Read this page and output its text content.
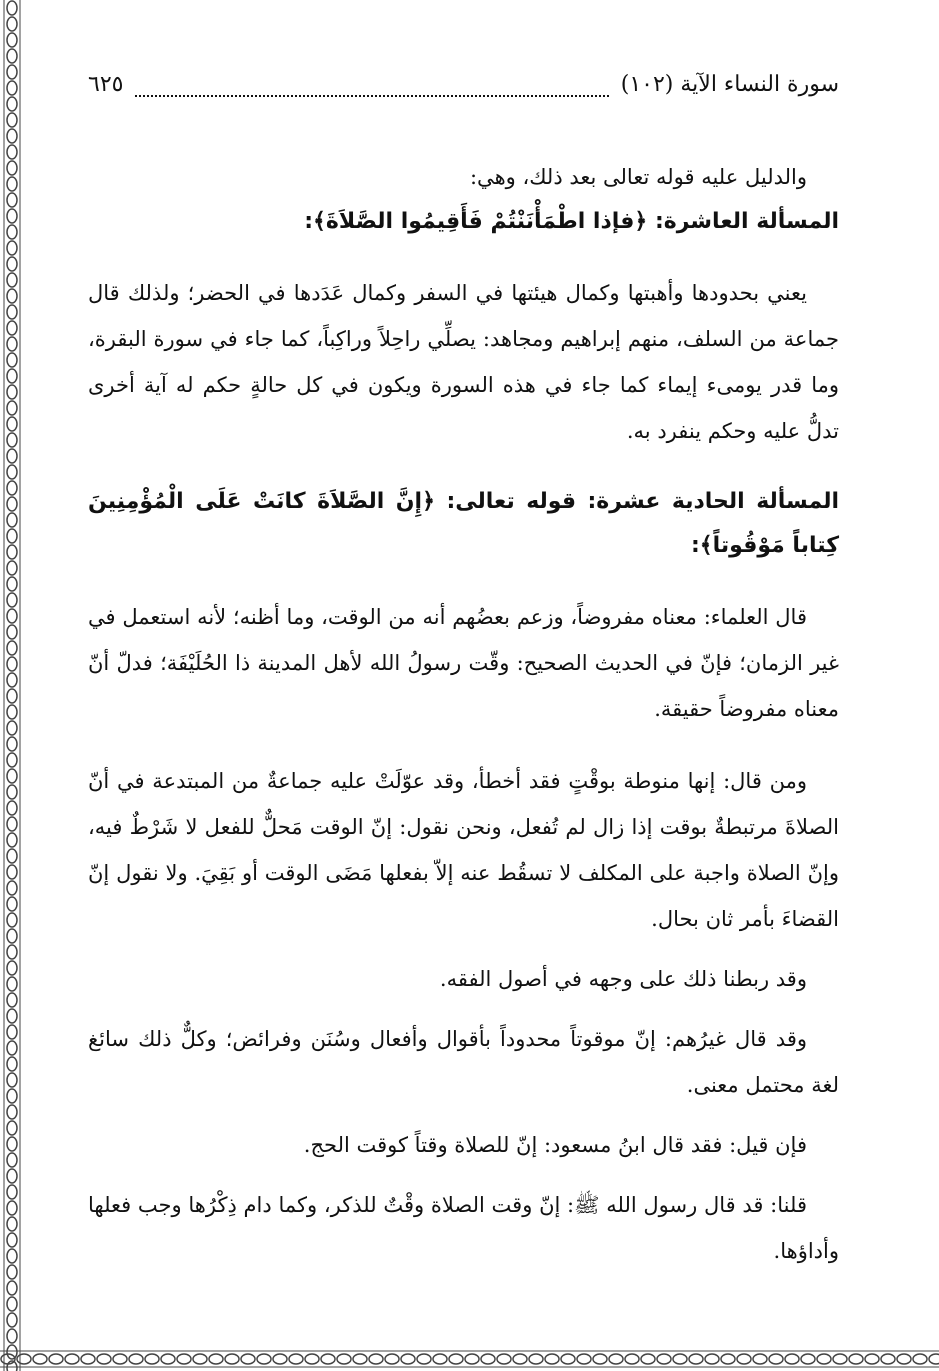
سورة النساء الآية (١٠٢)
٦٢٥

والدليل عليه قوله تعالى بعد ذلك، وهي:

المسألة العاشرة: ﴿فإذا اطْمَأْنَنْتُمْ فَأَقِيمُوا الصَّلاَةَ﴾:

يعني بحدودها وأهبتها وكمال هيئتها في السفر وكمال عَدَدها في الحضر؛ ولذلك قال جماعة من السلف، منهم إبراهيم ومجاهد: يصلِّي راحِلاً وراكِباً، كما جاء في سورة البقرة، وما قدر يومىء إيماء كما جاء في هذه السورة ويكون في كل حالةٍ حكم له آية أخرى تدلُّ عليه وحكم ينفرد به.

المسألة الحادية عشرة: قوله تعالى: ﴿إِنَّ الصَّلاَةَ كانَتْ عَلَى الْمُؤْمِنِينَ كِتاباً مَوْقُوتاً﴾:

قال العلماء: معناه مفروضاً، وزعم بعضُهم أنه من الوقت، وما أظنه؛ لأنه استعمل في غير الزمان؛ فإنّ في الحديث الصحيح: وقّت رسولُ الله لأهل المدينة ذا الحُلَيْفَة؛ فدلّ أنّ معناه مفروضاً حقيقة.

ومن قال: إنها منوطة بوقْتٍ فقد أخطأ، وقد عوّلَتْ عليه جماعةٌ من المبتدعة في أنّ الصلاةَ مرتبطةٌ بوقت إذا زال لم تُفعل، ونحن نقول: إنّ الوقت مَحلٌّ للفعل لا شَرْطٌ فيه، وإنّ الصلاة واجبة على المكلف لا تسقُط عنه إلاّ بفعلها مَضَى الوقت أو بَقِيَ. ولا نقول إنّ القضاءَ بأمر ثان بحال.

وقد ربطنا ذلك على وجهه في أصول الفقه.

وقد قال غيرُهم: إنّ موقوتاً محدوداً بأقوال وأفعال وسُنَن وفرائض؛ وكلٌّ ذلك سائغ لغة محتمل معنى.

فإن قيل: فقد قال ابنُ مسعود: إنّ للصلاة وقتاً كوقت الحج.

قلنا: قد قال رسول الله ﷺ: إنّ وقت الصلاة وقْتٌ للذكر، وكما دام ذِكْرُها وجب فعلها وأداؤها.
